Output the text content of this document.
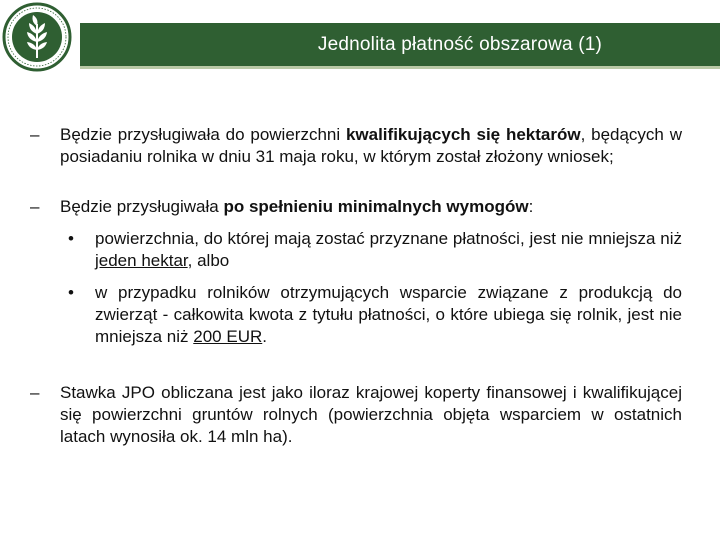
Jednolita płatność obszarowa (1)
– Będzie przysługiwała do powierzchni kwalifikujących się hektarów, będących w posiadaniu rolnika w dniu 31 maja roku, w którym został złożony wniosek;
– Będzie przysługiwała po spełnieniu minimalnych wymogów:
• powierzchnia, do której mają zostać przyznane płatności, jest nie mniejsza niż jeden hektar, albo
• w przypadku rolników otrzymujących wsparcie związane z produkcją do zwierząt - całkowita kwota z tytułu płatności, o które ubiega się rolnik, jest nie mniejsza niż 200 EUR.
– Stawka JPO obliczana jest jako iloraz krajowej koperty finansowej i kwalifikującej się powierzchni gruntów rolnych (powierzchnia objęta wsparciem w ostatnich latach wynosiła ok. 14 mln ha).
